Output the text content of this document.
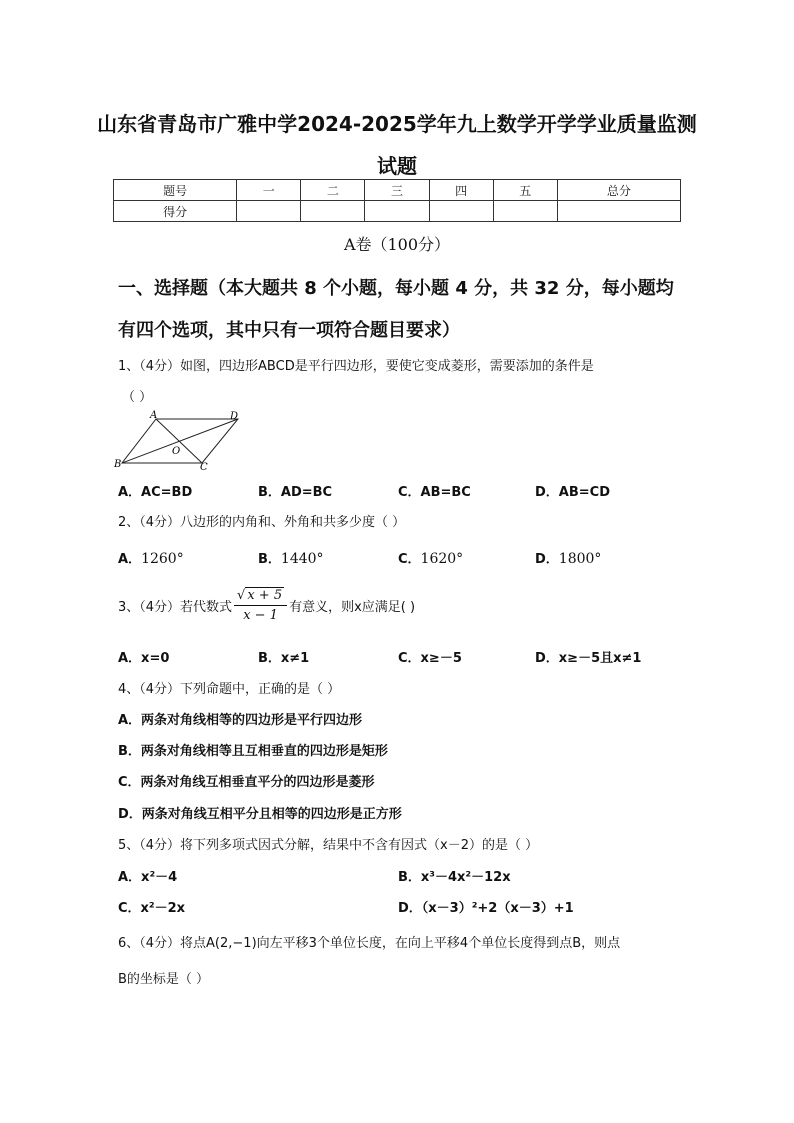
山东省青岛市广雅中学2024-2025学年九上数学开学学业质量监测
试题
题号	一	二	三	四	五	总分
得分						
A卷（100分）
一、选择题（本大题共 8 个小题，每小题 4 分，共 32 分，每小题均
有四个选项，其中只有一项符合题目要求）
1、（4分）如图，四边形ABCD是平行四边形，要使它变成菱形，需要添加的条件是
（ ）
A	D
B	C
O
A．AC=BD	B．AD=BC	C．AB=BC	D．AB=CD
2、（4分）八边形的内角和、外角和共多少度（ ）
A．1260°	B．1440°	C．1620°	D．1800°
3、（4分）若代数式 $\frac{√ x + 5}{x - 1}$ 有意义，则x应满足( )
A．x=0	B．x≠1	C．x≥－5	D．x≥－5且x≠1
4、（4分）下列命题中，正确的是（ ）
A．两条对角线相等的四边形是平行四边形
B．两条对角线相等且互相垂直的四边形是矩形
C．两条对角线互相垂直平分的四边形是菱形
D．两条对角线互相平分且相等的四边形是正方形
5、（4分）将下列多项式因式分解，结果中不含有因式（x－2）的是（ ）
A．x²－4	B．x³－4x²－12x
C．x²－2x	D．（x－3）²+2（x－3）+1
6、（4分）将点A(2,−1)向左平移3个单位长度，在向上平移4个单位长度得到点B，则点
B的坐标是（ ）
